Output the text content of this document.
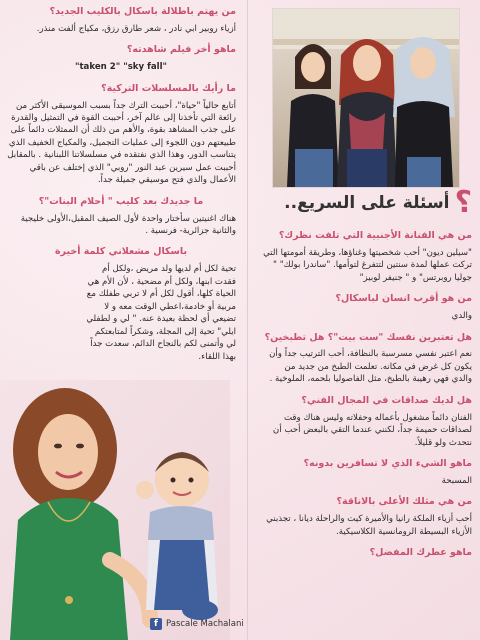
من يهتم باطلالة باسكال بالكليب الجديد؟

أزياء روبير ابي نادر ، شعر طارق رزق، مكياج ألفت منذر.

ماهو أخر فيلم شاهدته؟

"taken 2" "sky fall"

ما رأيك بالمسلسلات التركية؟

أتابع حالياً "حياة"، أحببت الترك جداً بسبب الموسيقى الأكثر من رائعة التي تأخذنا إلى عالم آخر، أحببت القوة في التمثيل والقدرة على جذب المشاهد بقوة، والأهم من ذلك أن الممثلات دائماً على طبيعتهم دون اللجوء إلى عمليات التجميل، والمكياج الخفيف الذي يتناسب الدور، وهذا الذي نفتقده في مسلسلاتنا اللبنانية . بالمقابل أحببت عمل سيرين عبد النور "روبي" الذي إختلف عن باقي الأعمال والذي فتح موسيقي جميلة جداً.

ما جديدك بعد كليب " أحلام البنات"؟

هناك اغنيتين سأختار واحدة لأول الصيف المقبل،الأولى خليجية والثانية جزائرية- فرنسية .

باسكال مشعلاني كلمة أخيرة

تحية لكل أم لديها ولد مريض ،ولكل أم فقدت ابنها، ولكل أم مضحية ، لأن الأم هي الحياة كلها، أقول لكل أم لا تربي طفلك مع مربية أو خادمة،اعطي الوقت معه و لا تضيعي أي لحظة بعيدة عنه. " لي و لطفلي ايلي" تحية إلى المجلة، وشكراً لمتابعتكم لي وأتمنى لكم بالنجاح الدائم، سعدت جداً بهذا اللقاء.

f Pascale Machalani
؟ أسئلة على السريع..

من هي الفنانة الأجنبية التي تلفت نظرك؟

"سيلين ديون" أحب شخصيتها وغناؤها، وطريقة أمومتها التي تركت عملها لمدة سنتين لتتفرغ لتوأمها. "ساندرا بولك" " جوليا روبرتس" و " جنيفر لوبيز"

من هو أقرب انسان لباسكال؟

والدي

هل تعتبرين نفسك "ست بيت"؟ هل تطبخين؟

نعم اعتبر نفسي مسرسبة بالنظافة، أحب الترتيب جداً وأن يكون كل غرض في مكانه. تعلمت الطبخ من جديد من والدي فهي رهيبة بالطبخ، مثل الفاصوليا بلحمه، الملوخية .

هل لديك صداقات في المجال الفني؟

الفنان دائماً مشغول بأعماله وحفلاته وليس هناك وقت لصداقات حميمة جداً، لكنني عندما التقي بالبعض أحب أن نتحدث ولو قليلاً.

ماهو الشيء الذي لا تسافرين بدونه؟

المسبحة

من هي مثلك الأعلى بالاناقة؟

أحب أزياء الملكة رانيا والأميرة كيت والراحلة ديانا ، تجذبني الأزياء البسيطة الرومانسية الكلاسيكية.

ماهو عطرك المفضل؟
